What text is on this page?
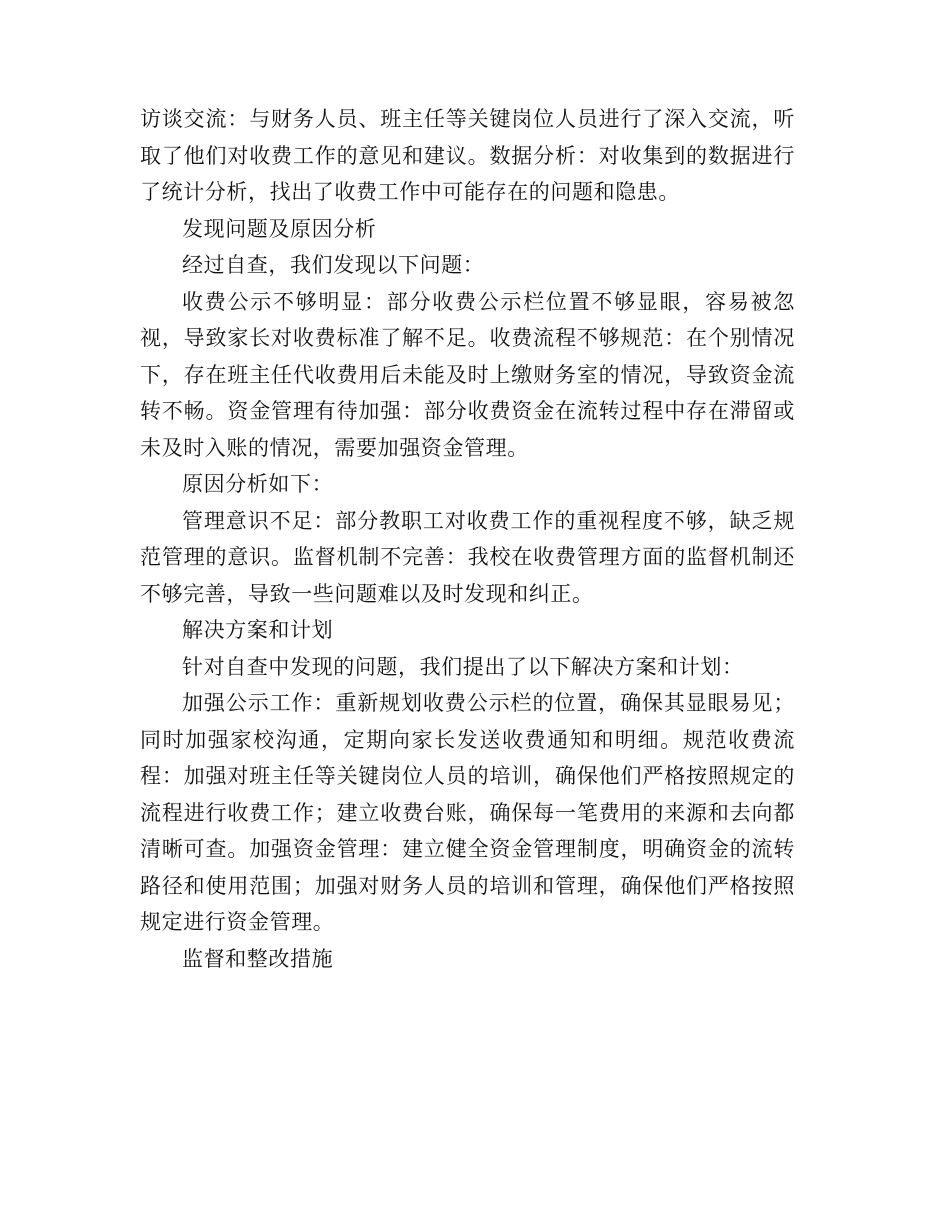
访谈交流：与财务人员、班主任等关键岗位人员进行了深入交流，听取了他们对收费工作的意见和建议。数据分析：对收集到的数据进行了统计分析，找出了收费工作中可能存在的问题和隐患。

发现问题及原因分析

经过自查，我们发现以下问题：

收费公示不够明显：部分收费公示栏位置不够显眼，容易被忽视，导致家长对收费标准了解不足。收费流程不够规范：在个别情况下，存在班主任代收费用后未能及时上缴财务室的情况，导致资金流转不畅。资金管理有待加强：部分收费资金在流转过程中存在滞留或未及时入账的情况，需要加强资金管理。

原因分析如下：

管理意识不足：部分教职工对收费工作的重视程度不够，缺乏规范管理的意识。监督机制不完善：我校在收费管理方面的监督机制还不够完善，导致一些问题难以及时发现和纠正。

解决方案和计划

针对自查中发现的问题，我们提出了以下解决方案和计划：

加强公示工作：重新规划收费公示栏的位置，确保其显眼易见；同时加强家校沟通，定期向家长发送收费通知和明细。规范收费流程：加强对班主任等关键岗位人员的培训，确保他们严格按照规定的流程进行收费工作；建立收费台账，确保每一笔费用的来源和去向都清晰可查。加强资金管理：建立健全资金管理制度，明确资金的流转路径和使用范围；加强对财务人员的培训和管理，确保他们严格按照规定进行资金管理。

监督和整改措施
